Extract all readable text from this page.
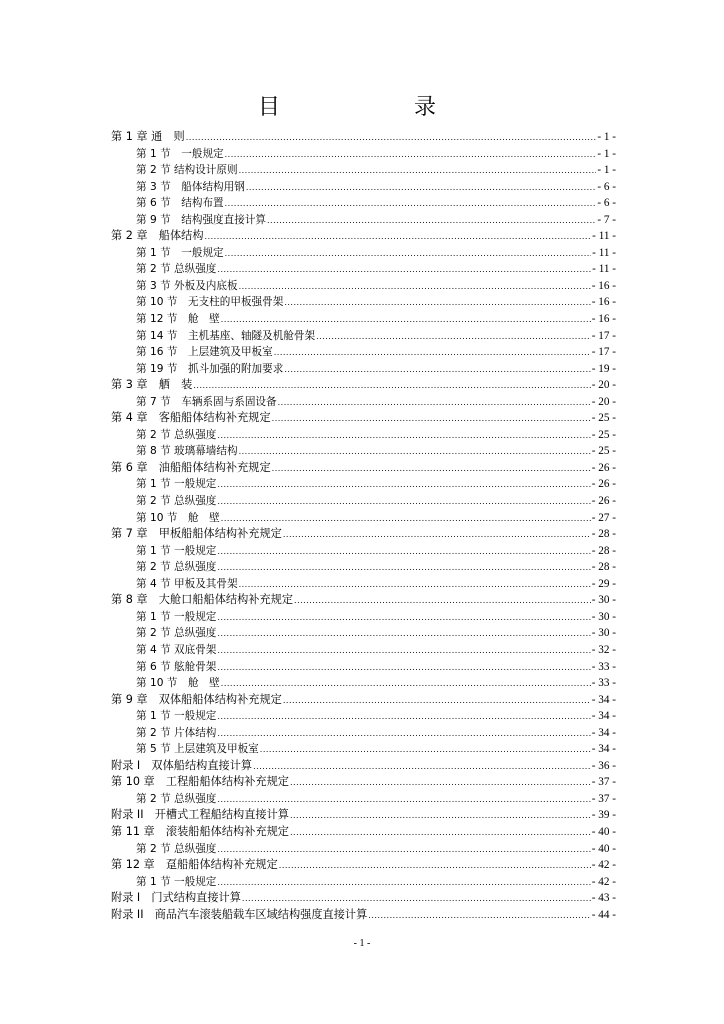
目　　录
第 1 章 通　则 .....	- 1 -
第 1 节　一般规定 .....	- 1 -
第 2 节 结构设计原则 .....	- 1 -
第 3 节　船体结构用钢 .....	- 6 -
第 6 节　结构布置 .....	- 6 -
第 9 节　结构强度直接计算 .....	- 7 -
第 2 章　船体结构 .....	- 11 -
第 1 节　一般规定 .....	- 11 -
第 2 节 总纵强度 .....	- 11 -
第 3 节 外板及内底板 .....	- 16 -
第 10 节　无支柱的甲板强骨架 .....	- 16 -
第 12 节　舱　壁 .....	- 16 -
第 14 节　主机基座、轴隧及机舱骨架 .....	- 17 -
第 16 节　上层建筑及甲板室 .....	- 17 -
第 19 节　抓斗加强的附加要求 .....	- 19 -
第 3 章　舾　装 .....	- 20 -
第 7 节　车辆系固与系固设备 .....	- 20 -
第 4 章　客船船体结构补充规定 .....	- 25 -
第 2 节 总纵强度 .....	- 25 -
第 8 节 玻璃幕墙结构 .....	- 25 -
第 6 章　油船船体结构补充规定 .....	- 26 -
第 1 节 一般规定 .....	- 26 -
第 2 节 总纵强度 .....	- 26 -
第 10 节　舱　壁 .....	- 27 -
第 7 章　甲板船船体结构补充规定 .....	- 28 -
第 1 节 一般规定 .....	- 28 -
第 2 节 总纵强度 .....	- 28 -
第 4 节 甲板及其骨架 .....	- 29 -
第 8 章　大舱口船船体结构补充规定 .....	- 30 -
第 1 节 一般规定 .....	- 30 -
第 2 节 总纵强度 .....	- 30 -
第 4 节 双底骨架 .....	- 32 -
第 6 节 舷舱骨架 .....	- 33 -
第 10 节　舱　壁 .....	- 33 -
第 9 章　双体船船体结构补充规定 .....	- 34 -
第 1 节 一般规定 .....	- 34 -
第 2 节 片体结构 .....	- 34 -
第 5 节 上层建筑及甲板室 .....	- 34 -
附录 I　双体船结构直接计算 .....	- 36 -
第 10 章　工程船船体结构补充规定 .....	- 37 -
第 2 节 总纵强度 .....	- 37 -
附录 II　开槽式工程船结构直接计算 .....	- 39 -
第 11 章　滚装船船体结构补充规定 .....	- 40 -
第 2 节 总纵强度 .....	- 40 -
第 12 章　趸船船体结构补充规定 .....	- 42 -
第 1 节 一般规定 .....	- 42 -
附录 I　门式结构直接计算 .....	- 43 -
附录 II　商品汽车滚装船载车区域结构强度直接计算 .....	- 44 -
- 1 -
